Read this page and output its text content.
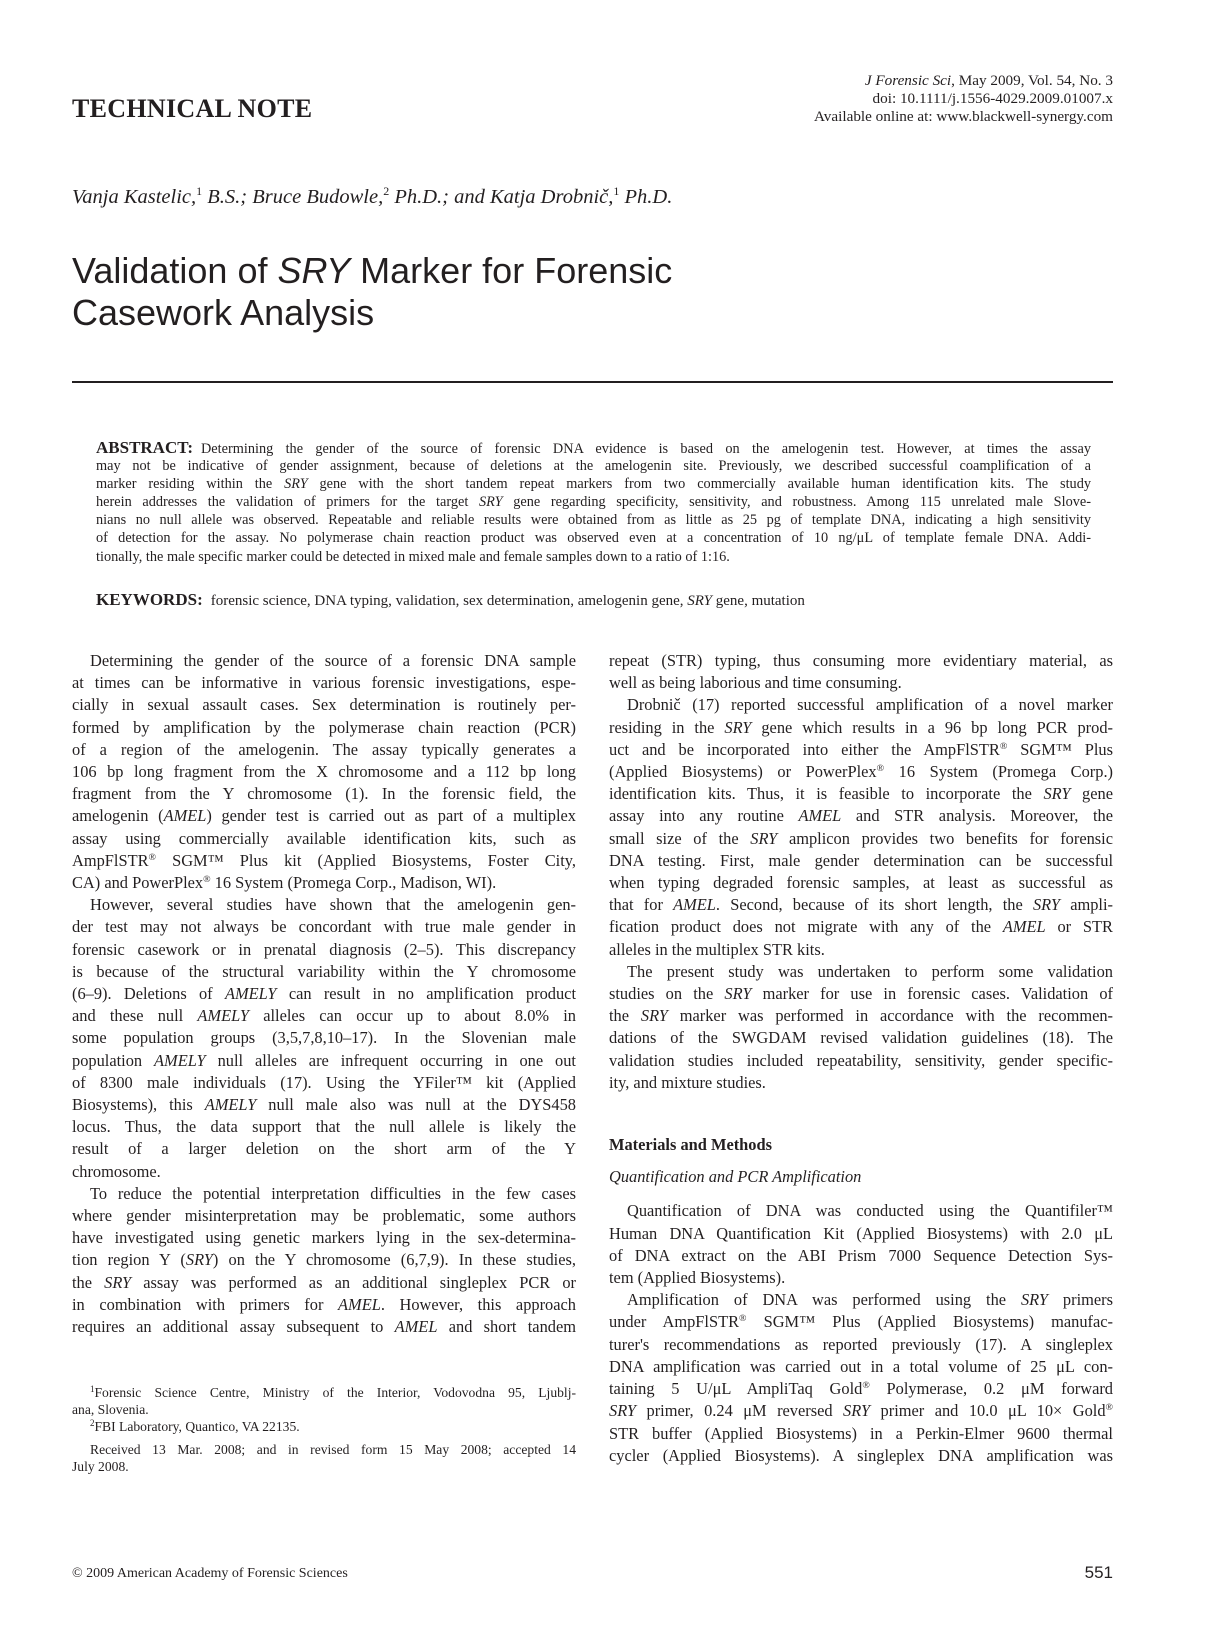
TECHNICAL NOTE
J Forensic Sci, May 2009, Vol. 54, No. 3
doi: 10.1111/j.1556-4029.2009.01007.x
Available online at: www.blackwell-synergy.com
Vanja Kastelic,$^1$ B.S.; Bruce Budowle,$^2$ Ph.D.; and Katja Drobnič,$^1$ Ph.D.
Validation of SRY Marker for Forensic
Casework Analysis
ABSTRACT: Determining the gender of the source of forensic DNA evidence is based on the amelogenin test. However, at times the assay
may not be indicative of gender assignment, because of deletions at the amelogenin site. Previously, we described successful coamplification of a
marker residing within the SRY gene with the short tandem repeat markers from two commercially available human identification kits. The study
herein addresses the validation of primers for the target SRY gene regarding specificity, sensitivity, and robustness. Among 115 unrelated male Slove-
nians no null allele was observed. Repeatable and reliable results were obtained from as little as 25 pg of template DNA, indicating a high sensitivity
of detection for the assay. No polymerase chain reaction product was observed even at a concentration of 10 ng/μL of template female DNA. Addi-
tionally, the male specific marker could be detected in mixed male and female samples down to a ratio of 1:16.
KEYWORDS: forensic science, DNA typing, validation, sex determination, amelogenin gene, SRY gene, mutation
Determining the gender of the source of a forensic DNA sample
at times can be informative in various forensic investigations, espe-
cially in sexual assault cases. Sex determination is routinely per-
formed by amplification by the polymerase chain reaction (PCR)
of a region of the amelogenin. The assay typically generates a
106 bp long fragment from the X chromosome and a 112 bp long
fragment from the Y chromosome (1). In the forensic field, the
amelogenin (AMEL) gender test is carried out as part of a multiplex
assay using commercially available identification kits, such as
AmpFlSTR® SGM™ Plus kit (Applied Biosystems, Foster City,
CA) and PowerPlex® 16 System (Promega Corp., Madison, WI).
However, several studies have shown that the amelogenin gen-
der test may not always be concordant with true male gender in
forensic casework or in prenatal diagnosis (2–5). This discrepancy
is because of the structural variability within the Y chromosome
(6–9). Deletions of AMELY can result in no amplification product
and these null AMELY alleles can occur up to about 8.0% in
some population groups (3,5,7,8,10–17). In the Slovenian male
population AMELY null alleles are infrequent occurring in one out
of 8300 male individuals (17). Using the YFiler™ kit (Applied
Biosystems), this AMELY null male also was null at the DYS458
locus. Thus, the data support that the null allele is likely the
result of a larger deletion on the short arm of the Y
chromosome.
To reduce the potential interpretation difficulties in the few cases
where gender misinterpretation may be problematic, some authors
have investigated using genetic markers lying in the sex-determina-
tion region Y (SRY) on the Y chromosome (6,7,9). In these studies,
the SRY assay was performed as an additional singleplex PCR or
in combination with primers for AMEL. However, this approach
requires an additional assay subsequent to AMEL and short tandem
$^1$Forensic Science Centre, Ministry of the Interior, Vodovodna 95, Ljublj-
ana, Slovenia.
$^2$FBI Laboratory, Quantico, VA 22135.
Received 13 Mar. 2008; and in revised form 15 May 2008; accepted 14
July 2008.
repeat (STR) typing, thus consuming more evidentiary material, as
well as being laborious and time consuming.
Drobnič (17) reported successful amplification of a novel marker
residing in the SRY gene which results in a 96 bp long PCR prod-
uct and be incorporated into either the AmpFlSTR® SGM™ Plus
(Applied Biosystems) or PowerPlex® 16 System (Promega Corp.)
identification kits. Thus, it is feasible to incorporate the SRY gene
assay into any routine AMEL and STR analysis. Moreover, the
small size of the SRY amplicon provides two benefits for forensic
DNA testing. First, male gender determination can be successful
when typing degraded forensic samples, at least as successful as
that for AMEL. Second, because of its short length, the SRY ampli-
fication product does not migrate with any of the AMEL or STR
alleles in the multiplex STR kits.
The present study was undertaken to perform some validation
studies on the SRY marker for use in forensic cases. Validation of
the SRY marker was performed in accordance with the recommen-
dations of the SWGDAM revised validation guidelines (18). The
validation studies included repeatability, sensitivity, gender specific-
ity, and mixture studies.
Materials and Methods
Quantification and PCR Amplification
Quantification of DNA was conducted using the Quantifiler™
Human DNA Quantification Kit (Applied Biosystems) with 2.0 μL
of DNA extract on the ABI Prism 7000 Sequence Detection Sys-
tem (Applied Biosystems).
Amplification of DNA was performed using the SRY primers
under AmpFlSTR® SGM™ Plus (Applied Biosystems) manufac-
turer's recommendations as reported previously (17). A singleplex
DNA amplification was carried out in a total volume of 25 μL con-
taining 5 U/μL AmpliTaq Gold® Polymerase, 0.2 μM forward
SRY primer, 0.24 μM reversed SRY primer and 10.0 μL 10× Gold®
STR buffer (Applied Biosystems) in a Perkin-Elmer 9600 thermal
cycler (Applied Biosystems). A singleplex DNA amplification was
© 2009 American Academy of Forensic Sciences	551
